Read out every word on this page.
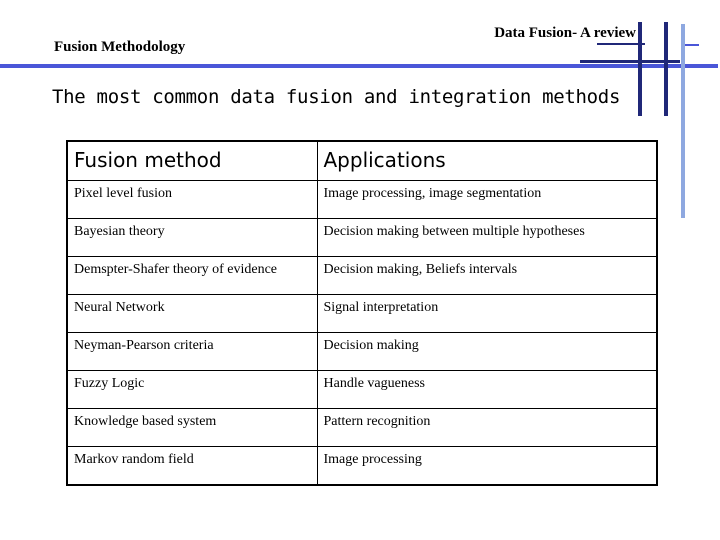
Fusion Methodology
Data Fusion- A review
The most common data fusion and integration methods
Fusion method	Applications
Pixel level fusion	Image processing, image segmentation
Bayesian theory	Decision making between multiple hypotheses
Demspter-Shafer theory of evidence	Decision making, Beliefs intervals
Neural Network	Signal interpretation
Neyman-Pearson criteria	Decision making
Fuzzy Logic	Handle vagueness
Knowledge based system	Pattern recognition
Markov random field	Image processing
